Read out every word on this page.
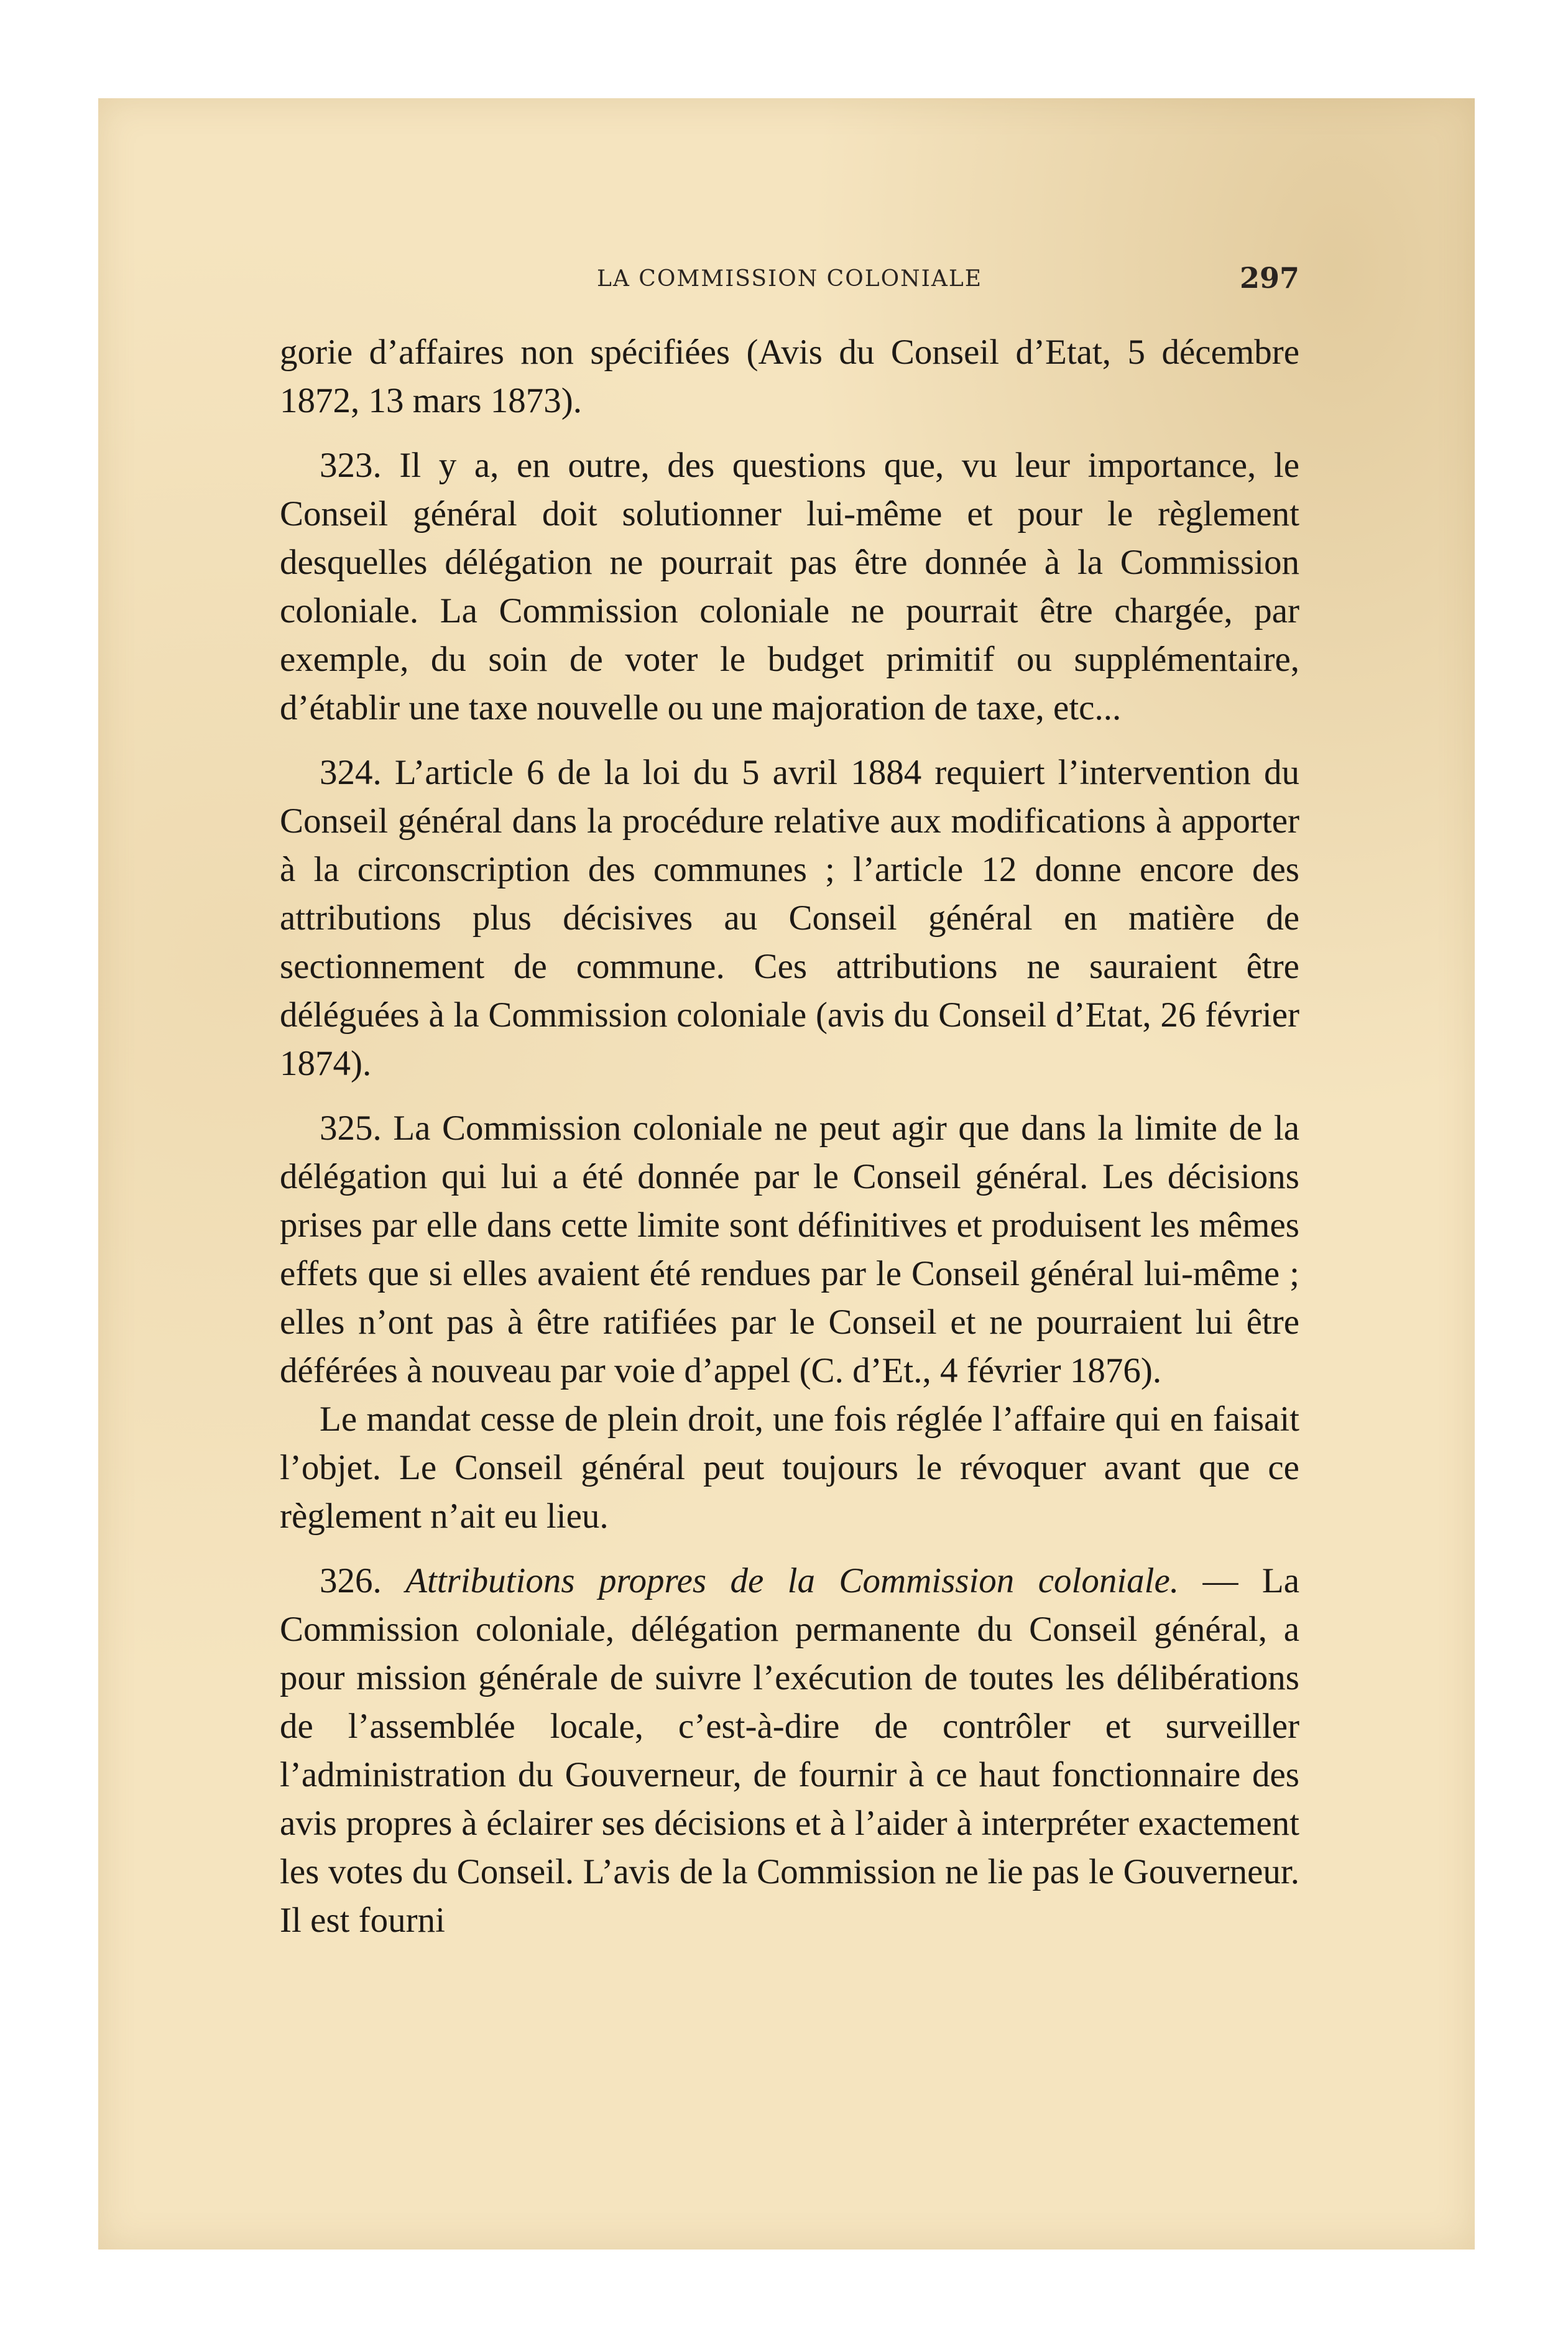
LA COMMISSION COLONIALE	297

gorie d’affaires non spécifiées (Avis du Conseil d’Etat, 5 décembre 1872, 13 mars 1873).

323. Il y a, en outre, des questions que, vu leur importance, le Conseil général doit solutionner lui-même et pour le règlement desquelles délégation ne pourrait pas être donnée à la Commission coloniale. La Commission coloniale ne pourrait être chargée, par exemple, du soin de voter le budget primitif ou supplémentaire, d’établir une taxe nouvelle ou une majoration de taxe, etc...

324. L’article 6 de la loi du 5 avril 1884 requiert l’intervention du Conseil général dans la procédure relative aux modifications à apporter à la circonscription des communes ; l’article 12 donne encore des attributions plus décisives au Conseil général en matière de sectionnement de commune. Ces attributions ne sauraient être déléguées à la Commission coloniale (avis du Conseil d’Etat, 26 février 1874).

325. La Commission coloniale ne peut agir que dans la limite de la délégation qui lui a été donnée par le Conseil général. Les décisions prises par elle dans cette limite sont définitives et produisent les mêmes effets que si elles avaient été rendues par le Conseil général lui-même ; elles n’ont pas à être ratifiées par le Conseil et ne pourraient lui être déférées à nouveau par voie d’appel (C. d’Et., 4 février 1876).

Le mandat cesse de plein droit, une fois réglée l’affaire qui en faisait l’objet. Le Conseil général peut toujours le révoquer avant que ce règlement n’ait eu lieu.

326. Attributions propres de la Commission coloniale. — La Commission coloniale, délégation permanente du Conseil général, a pour mission générale de suivre l’exécution de toutes les délibérations de l’assemblée locale, c’est-à-dire de contrôler et surveiller l’administration du Gouverneur, de fournir à ce haut fonctionnaire des avis propres à éclairer ses décisions et à l’aider à interpréter exactement les votes du Conseil. L’avis de la Commission ne lie pas le Gouverneur. Il est fourni
